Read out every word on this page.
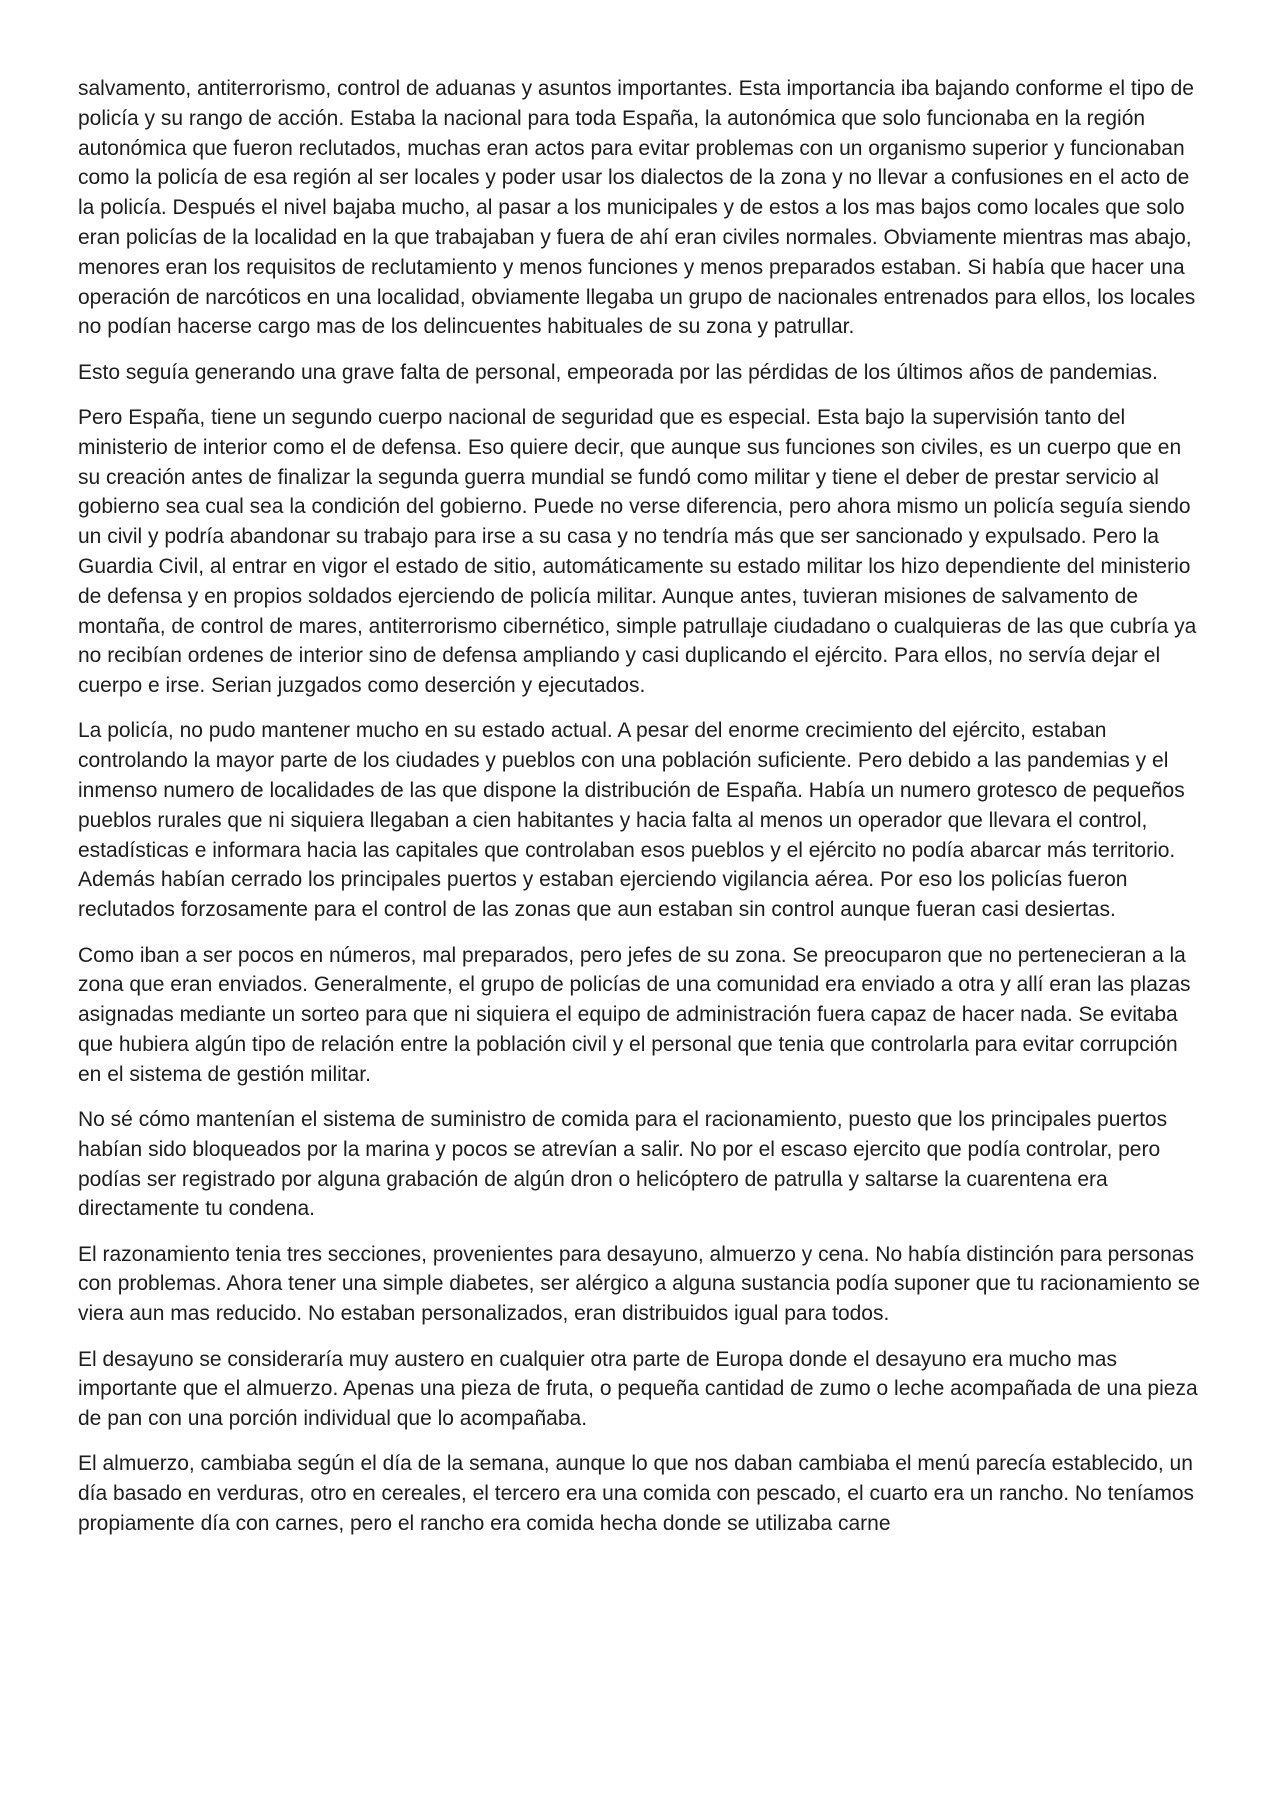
salvamento, antiterrorismo, control de aduanas y asuntos importantes. Esta importancia iba bajando conforme el tipo de policía y su rango de acción. Estaba la nacional para toda España, la autonómica que solo funcionaba en la región autonómica que fueron reclutados, muchas eran actos para evitar problemas con un organismo superior y funcionaban como la policía de esa región al ser locales y poder usar los dialectos de la zona y no llevar a confusiones en el acto de la policía. Después el nivel bajaba mucho, al pasar a los municipales y de estos a los mas bajos como locales que solo eran policías de la localidad en la que trabajaban y fuera de ahí eran civiles normales. Obviamente mientras mas abajo, menores eran los requisitos de reclutamiento y menos funciones y menos preparados estaban. Si había que hacer una operación de narcóticos en una localidad, obviamente llegaba un grupo de nacionales entrenados para ellos, los locales no podían hacerse cargo mas de los delincuentes habituales de su zona y patrullar.

Esto seguía generando una grave falta de personal, empeorada por las pérdidas de los últimos años de pandemias.

Pero España, tiene un segundo cuerpo nacional de seguridad que es especial. Esta bajo la supervisión tanto del ministerio de interior como el de defensa. Eso quiere decir, que aunque sus funciones son civiles, es un cuerpo que en su creación antes de finalizar la segunda guerra mundial se fundó como militar y tiene el deber de prestar servicio al gobierno sea cual sea la condición del gobierno. Puede no verse diferencia, pero ahora mismo un policía seguía siendo un civil y podría abandonar su trabajo para irse a su casa y no tendría más que ser sancionado y expulsado. Pero la Guardia Civil, al entrar en vigor el estado de sitio, automáticamente su estado militar los hizo dependiente del ministerio de defensa y en propios soldados ejerciendo de policía militar. Aunque antes, tuvieran misiones de salvamento de montaña, de control de mares, antiterrorismo cibernético, simple patrullaje ciudadano o cualquieras de las que cubría ya no recibían ordenes de interior sino de defensa ampliando y casi duplicando el ejército. Para ellos, no servía dejar el cuerpo e irse. Serian juzgados como deserción y ejecutados.

La policía, no pudo mantener mucho en su estado actual. A pesar del enorme crecimiento del ejército, estaban controlando la mayor parte de los ciudades y pueblos con una población suficiente. Pero debido a las pandemias y el inmenso numero de localidades de las que dispone la distribución de España. Había un numero grotesco de pequeños pueblos rurales que ni siquiera llegaban a cien habitantes y hacia falta al menos un operador que llevara el control, estadísticas e informara hacia las capitales que controlaban esos pueblos y el ejército no podía abarcar más territorio. Además habían cerrado los principales puertos y estaban ejerciendo vigilancia aérea. Por eso los policías fueron reclutados forzosamente para el control de las zonas que aun estaban sin control aunque fueran casi desiertas.

Como iban a ser pocos en números, mal preparados, pero jefes de su zona. Se preocuparon que no pertenecieran a la zona que eran enviados. Generalmente, el grupo de policías de una comunidad era enviado a otra y allí eran las plazas asignadas mediante un sorteo para que ni siquiera el equipo de administración fuera capaz de hacer nada. Se evitaba que hubiera algún tipo de relación entre la población civil y el personal que tenia que controlarla para evitar corrupción en el sistema de gestión militar.

No sé cómo mantenían el sistema de suministro de comida para el racionamiento, puesto que los principales puertos habían sido bloqueados por la marina y pocos se atrevían a salir. No por el escaso ejercito que podía controlar, pero podías ser registrado por alguna grabación de algún dron o helicóptero de patrulla y saltarse la cuarentena era directamente tu condena.

El razonamiento tenia tres secciones, provenientes para desayuno, almuerzo y cena. No había distinción para personas con problemas. Ahora tener una simple diabetes, ser alérgico a alguna sustancia podía suponer que tu racionamiento se viera aun mas reducido. No estaban personalizados, eran distribuidos igual para todos.

El desayuno se consideraría muy austero en cualquier otra parte de Europa donde el desayuno era mucho mas importante que el almuerzo. Apenas una pieza de fruta, o pequeña cantidad de zumo o leche acompañada de una pieza de pan con una porción individual que lo acompañaba.

El almuerzo, cambiaba según el día de la semana, aunque lo que nos daban cambiaba el menú parecía establecido, un día basado en verduras, otro en cereales, el tercero era una comida con pescado, el cuarto era un rancho. No teníamos propiamente día con carnes, pero el rancho era comida hecha donde se utilizaba carne
